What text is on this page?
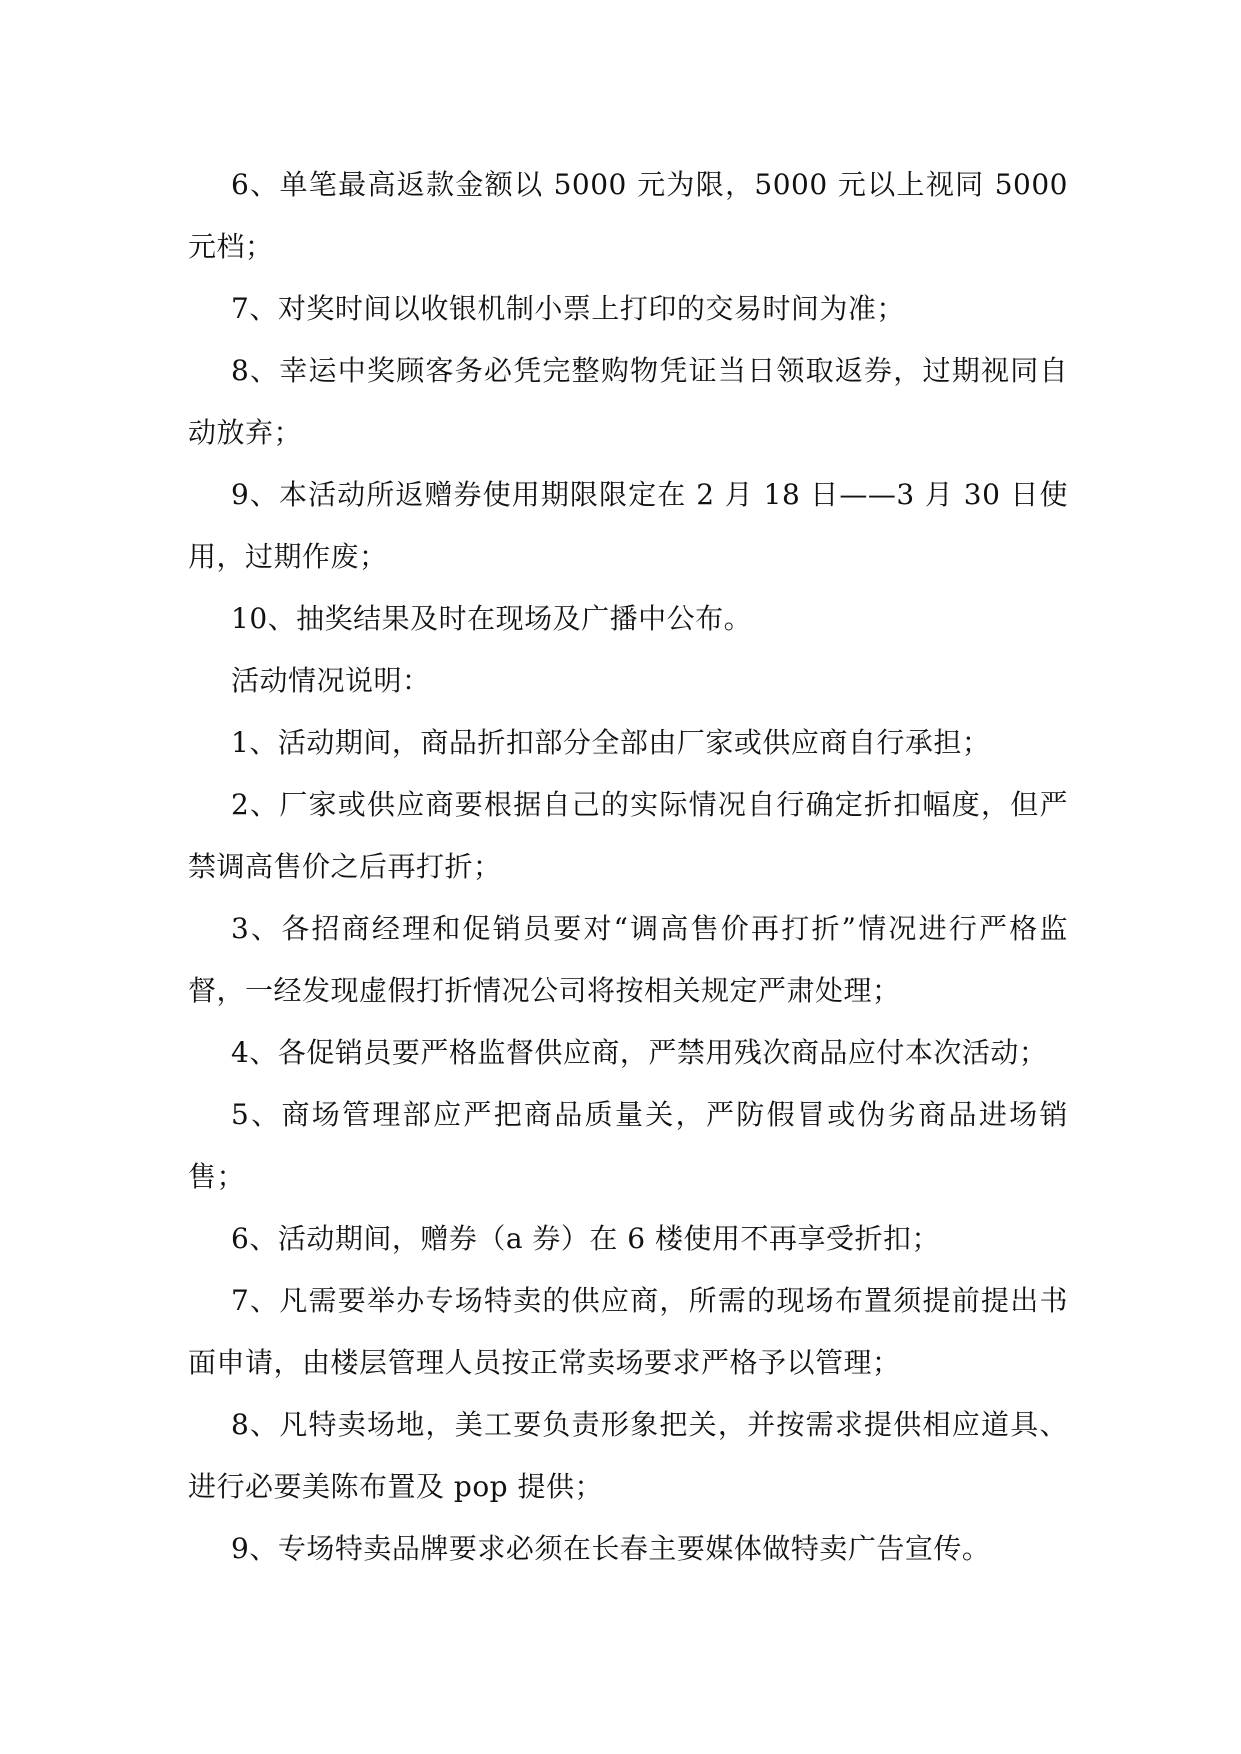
6、单笔最高返款金额以 5000 元为限，5000 元以上视同 5000 元档；

7、对奖时间以收银机制小票上打印的交易时间为准；

8、幸运中奖顾客务必凭完整购物凭证当日领取返券，过期视同自动放弃；

9、本活动所返赠券使用期限限定在 2 月 18 日——3 月 30 日使用，过期作废；

10、抽奖结果及时在现场及广播中公布。

活动情况说明：

1、活动期间，商品折扣部分全部由厂家或供应商自行承担；

2、厂家或供应商要根据自己的实际情况自行确定折扣幅度，但严禁调高售价之后再打折；

3、各招商经理和促销员要对“调高售价再打折”情况进行严格监督，一经发现虚假打折情况公司将按相关规定严肃处理；

4、各促销员要严格监督供应商，严禁用残次商品应付本次活动；

5、商场管理部应严把商品质量关，严防假冒或伪劣商品进场销售；

6、活动期间，赠券（a 券）在 6 楼使用不再享受折扣；

7、凡需要举办专场特卖的供应商，所需的现场布置须提前提出书面申请，由楼层管理人员按正常卖场要求严格予以管理；

8、凡特卖场地，美工要负责形象把关，并按需求提供相应道具、进行必要美陈布置及 pop 提供；

9、专场特卖品牌要求必须在长春主要媒体做特卖广告宣传。
